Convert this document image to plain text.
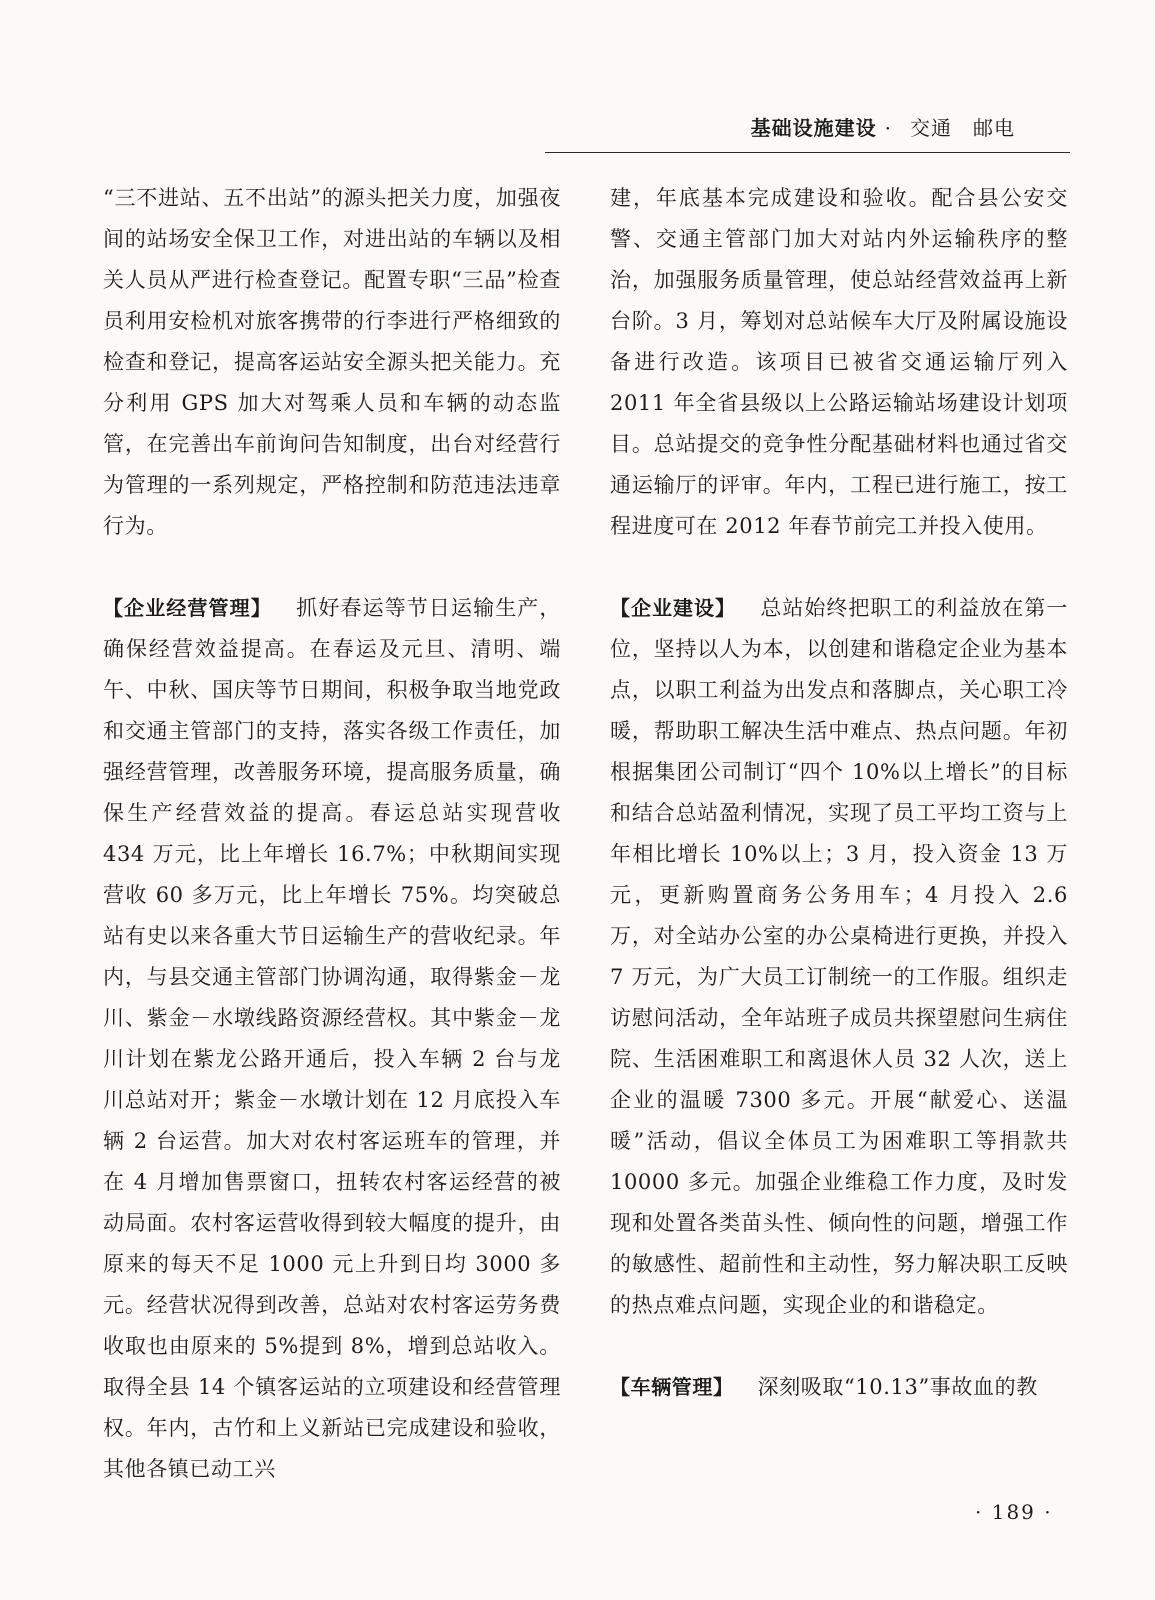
基础设施建设 · 交通　邮电

“三不进站、五不出站”的源头把关力度，加强夜间的站场安全保卫工作，对进出站的车辆以及相关人员从严进行检查登记。配置专职“三品”检查员利用安检机对旅客携带的行李进行严格细致的检查和登记，提高客运站安全源头把关能力。充分利用 GPS 加大对驾乘人员和车辆的动态监管，在完善出车前询问告知制度，出台对经营行为管理的一系列规定，严格控制和防范违法违章行为。

【企业经营管理】 抓好春运等节日运输生产，确保经营效益提高。在春运及元旦、清明、端午、中秋、国庆等节日期间，积极争取当地党政和交通主管部门的支持，落实各级工作责任，加强经营管理，改善服务环境，提高服务质量，确保生产经营效益的提高。春运总站实现营收 434 万元，比上年增长 16.7%；中秋期间实现营收 60 多万元，比上年增长 75%。均突破总站有史以来各重大节日运输生产的营收纪录。年内，与县交通主管部门协调沟通，取得紫金－龙川、紫金－水墩线路资源经营权。其中紫金－龙川计划在紫龙公路开通后，投入车辆 2 台与龙川总站对开；紫金－水墩计划在 12 月底投入车辆 2 台运营。加大对农村客运班车的管理，并在 4 月增加售票窗口，扭转农村客运经营的被动局面。农村客运营收得到较大幅度的提升，由原来的每天不足 1000 元上升到日均 3000 多元。经营状况得到改善，总站对农村客运劳务费收取也由原来的 5%提到 8%，增到总站收入。取得全县 14 个镇客运站的立项建设和经营管理权。年内，古竹和上义新站已完成建设和验收，其他各镇已动工兴

建，年底基本完成建设和验收。配合县公安交警、交通主管部门加大对站内外运输秩序的整治，加强服务质量管理，使总站经营效益再上新台阶。3 月，筹划对总站候车大厅及附属设施设备进行改造。该项目已被省交通运输厅列入 2011 年全省县级以上公路运输站场建设计划项目。总站提交的竞争性分配基础材料也通过省交通运输厅的评审。年内，工程已进行施工，按工程进度可在 2012 年春节前完工并投入使用。

【企业建设】 总站始终把职工的利益放在第一位，坚持以人为本，以创建和谐稳定企业为基本点，以职工利益为出发点和落脚点，关心职工冷暖，帮助职工解决生活中难点、热点问题。年初根据集团公司制订“四个 10%以上增长”的目标和结合总站盈利情况，实现了员工平均工资与上年相比增长 10%以上；3 月，投入资金 13 万元，更新购置商务公务用车；4 月投入 2.6 万，对全站办公室的办公桌椅进行更换，并投入 7 万元，为广大员工订制统一的工作服。组织走访慰问活动，全年站班子成员共探望慰问生病住院、生活困难职工和离退休人员 32 人次，送上企业的温暖 7300 多元。开展“献爱心、送温暖”活动，倡议全体员工为困难职工等捐款共 10000 多元。加强企业维稳工作力度，及时发现和处置各类苗头性、倾向性的问题，增强工作的敏感性、超前性和主动性，努力解决职工反映的热点难点问题，实现企业的和谐稳定。

【车辆管理】 深刻吸取“10.13”事故血的教

· 189 ·
